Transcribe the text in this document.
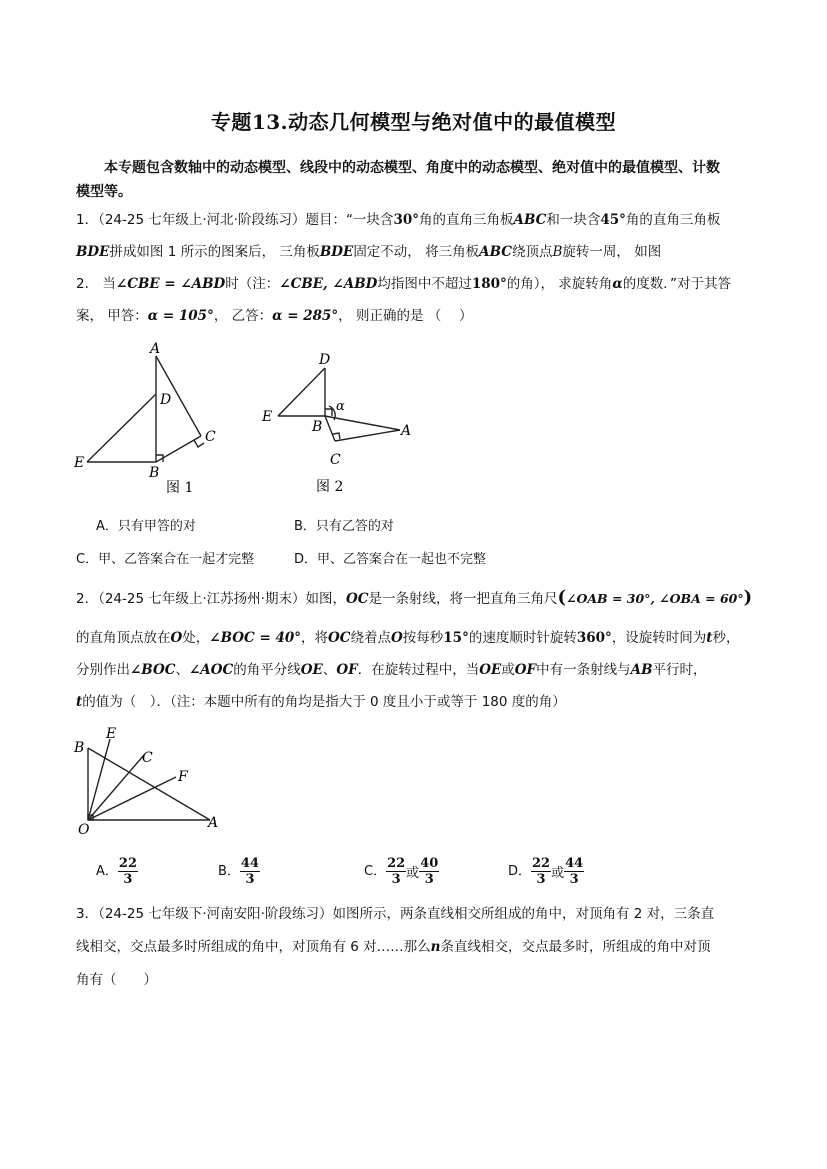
专题13.动态几何模型与绝对值中的最值模型
本专题包含数轴中的动态模型、线段中的动态模型、角度中的动态模型、绝对值中的最值模型、计数
模型等。
1．（24-25 七年级上·河北·阶段练习）题目：“一块含30°角的直角三角板ABC和一块含45°角的直角三角板
BDE拼成如图 1 所示的图案后， 三角板BDE固定不动， 将三角板ABC绕顶点B旋转一周， 如图
2． 当∠CBE = ∠ABD时（注：∠CBE, ∠ABD均指图中不超过180°的角）， 求旋转角α的度数．”对于其答
案， 甲答：α = 105°， 乙答：α = 285°， 则正确的是 （　 ）
A
D
C
E
B
图 1
D
E
B	A
C
α
图 2
A．只有甲答的对	B．只有乙答的对
C．甲、乙答案合在一起才完整	D．甲、乙答案合在一起也不完整
2．（24-25 七年级上·江苏扬州·期末）如图，OC是一条射线，将一把直角三角尺(∠OAB = 30°, ∠OBA = 60°)
的直角顶点放在O处，∠BOC = 40°，将OC绕着点O按每秒15°的速度顺时针旋转360°，设旋转时间为t秒，
分别作出∠BOC、∠AOC的角平分线OE、OF．在旋转过程中，当OE或OF中有一条射线与AB平行时，
t的值为（　）．（注：本题中所有的角均是指大于 0 度且小于或等于 180 度的角）
B
E
C
F
O	A
A． $\frac{22}{3}$	B． $\frac{44}{3}$	C． $\frac{22}{3}$ 或 $\frac{40}{3}$	D． $\frac{22}{3}$ 或 $\frac{44}{3}$
3．（24-25 七年级下·河南安阳·阶段练习）如图所示，两条直线相交所组成的角中，对顶角有 2 对，三条直
线相交，交点最多时所组成的角中，对顶角有 6 对……那么n条直线相交，交点最多时，所组成的角中对顶
角有（　　）
